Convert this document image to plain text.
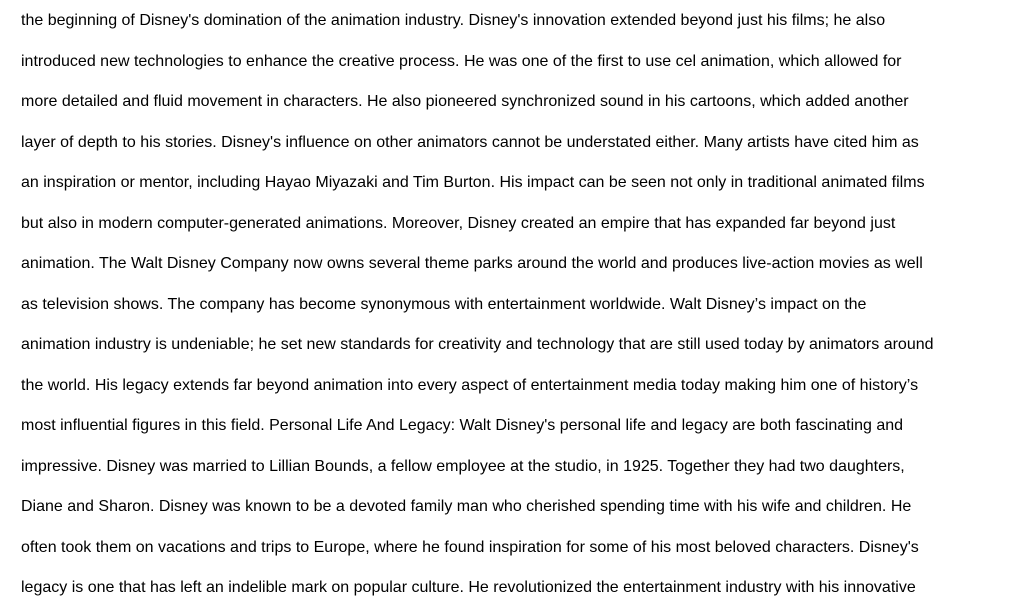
the beginning of Disney's domination of the animation industry. Disney's innovation extended beyond just his films; he also
introduced new technologies to enhance the creative process. He was one of the first to use cel animation, which allowed for
more detailed and fluid movement in characters. He also pioneered synchronized sound in his cartoons, which added another
layer of depth to his stories. Disney's influence on other animators cannot be understated either. Many artists have cited him as
an inspiration or mentor, including Hayao Miyazaki and Tim Burton. His impact can be seen not only in traditional animated films
but also in modern computer-generated animations. Moreover, Disney created an empire that has expanded far beyond just
animation. The Walt Disney Company now owns several theme parks around the world and produces live-action movies as well
as television shows. The company has become synonymous with entertainment worldwide. Walt Disney’s impact on the
animation industry is undeniable; he set new standards for creativity and technology that are still used today by animators around
the world. His legacy extends far beyond animation into every aspect of entertainment media today making him one of history’s
most influential figures in this field. Personal Life And Legacy: Walt Disney's personal life and legacy are both fascinating and
impressive. Disney was married to Lillian Bounds, a fellow employee at the studio, in 1925. Together they had two daughters,
Diane and Sharon. Disney was known to be a devoted family man who cherished spending time with his wife and children. He
often took them on vacations and trips to Europe, where he found inspiration for some of his most beloved characters. Disney's
legacy is one that has left an indelible mark on popular culture. He revolutionized the entertainment industry with his innovative
